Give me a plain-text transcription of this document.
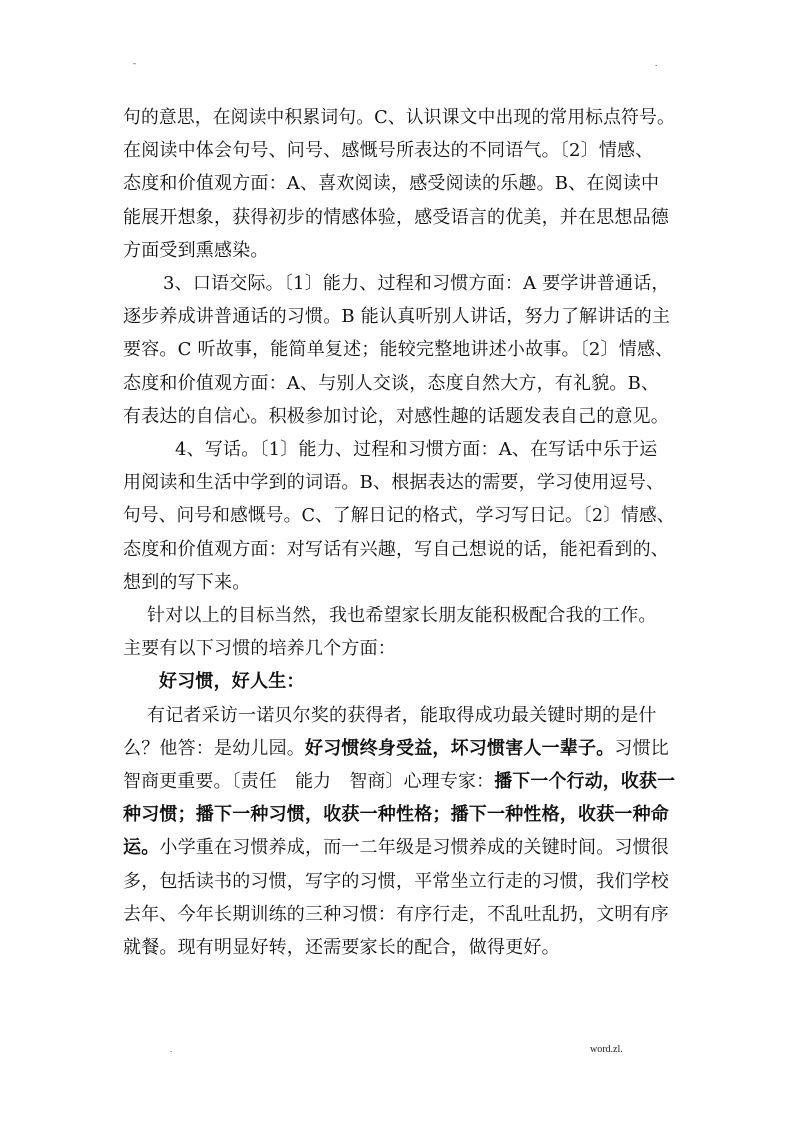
-	.
句的意思，在阅读中积累词句。C、认识课文中出现的常用标点符号。
在阅读中体会句号、问号、感慨号所表达的不同语气。〔2〕情感、
态度和价值观方面：A、喜欢阅读，感受阅读的乐趣。B、在阅读中
能展开想象，获得初步的情感体验，感受语言的优美，并在思想品德
方面受到熏感染。
3、口语交际。〔1〕能力、过程和习惯方面：A 要学讲普通话，
逐步养成讲普通话的习惯。B 能认真听别人讲话，努力了解讲话的主
要容。C 听故事，能简单复述；能较完整地讲述小故事。〔2〕情感、
态度和价值观方面：A、与别人交谈，态度自然大方，有礼貌。B、
有表达的自信心。积极参加讨论，对感性趣的话题发表自己的意见。
4、写话。〔1〕能力、过程和习惯方面：A、在写话中乐于运
用阅读和生活中学到的词语。B、根据表达的需要，学习使用逗号、
句号、问号和感慨号。C、了解日记的格式，学习写日记。〔2〕情感、
态度和价值观方面：对写话有兴趣，写自己想说的话，能祀看到的、
想到的写下来。
针对以上的目标当然，我也希望家长朋友能积极配合我的工作。
主要有以下习惯的培养几个方面：
好习惯，好人生：
有记者采访一诺贝尔奖的获得者，能取得成功最关键时期的是什
么？他答：是幼儿园。好习惯终身受益，坏习惯害人一辈子。习惯比
智商更重要。〔责任　能力　智商〕心理专家：播下一个行动，收获一
种习惯；播下一种习惯，收获一种性格；播下一种性格，收获一种命
运。小学重在习惯养成，而一二年级是习惯养成的关键时间。习惯很
多，包括读书的习惯，写字的习惯，平常坐立行走的习惯，我们学校
去年、今年长期训练的三种习惯：有序行走，不乱吐乱扔，文明有序
就餐。现有明显好转，还需要家长的配合，做得更好。
.	word.zl.
